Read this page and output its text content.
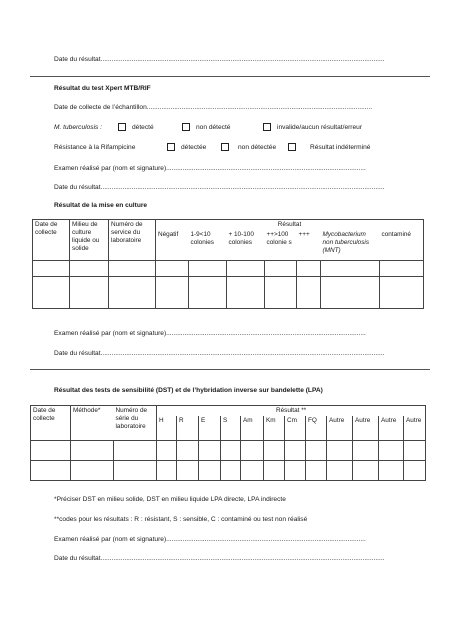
Date du résultat...........................................................................................................................................................
Résultat du test Xpert MTB/RIF
Date de collecte de l’échantillon...........................................................................................................................
M. tuberculosis :	détecté	non détecté	invalide/aucun résultat/erreur
Résistance à la Rifampicine	détectée	non détectée	Résultat indéterminé
Examen réalisé par (nom et signature).............................................................................................................
Date du résultat...........................................................................................................................................................
Résultat de la mise en culture
Date de collecte	Milieu de culture liquide ou solide	Numéro de service du laboratoire	Résultat						
			Négatif	1-9<10 colonies	+ 10-100 colonies	++>100 colonie s	+++	Mycobacterium non tuberculosis (MNT)	contaminé

Examen réalisé par (nom et signature).............................................................................................................
Date du résultat...........................................................................................................................................................
Résultat des tests de sensibilité (DST) et de l’hybridation inverse sur bandelette (LPA)
Date de collecte	Méthode*	Numéro de série du laboratoire	Résultat **											
			H	R	E	S	Am	Km	Cm	FQ	Autre	Autre	Autre	Autre

*Préciser DST en milieu solide, DST en milieu liquide LPA directe, LPA indirecte
**codes pour les résultats : R : résistant, S : sensible, C : contaminé ou test non réalisé
Examen réalisé par (nom et signature).............................................................................................................
Date du résultat...........................................................................................................................................................
